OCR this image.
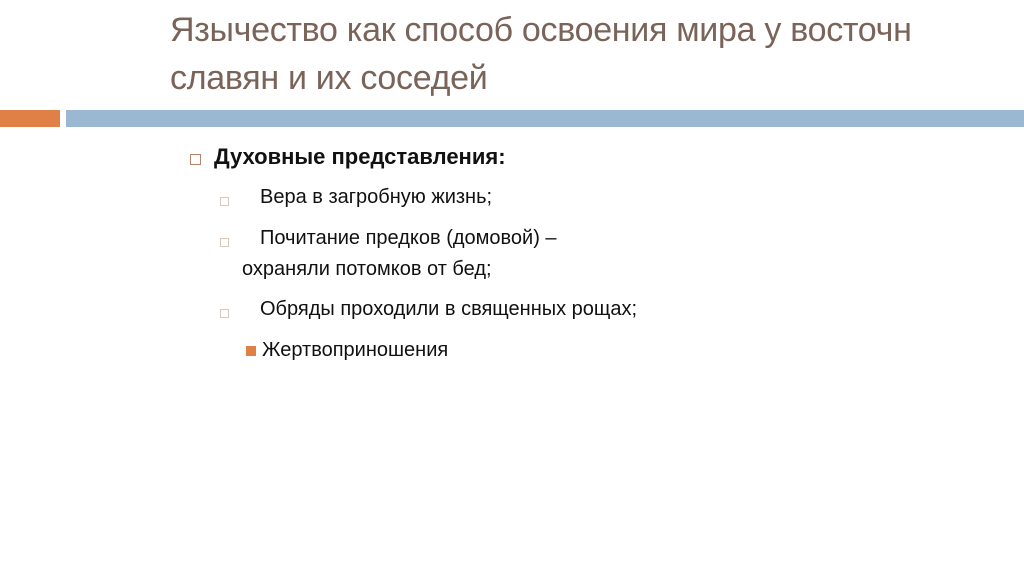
Язычество как способ освоения мира у восточн
славян и их соседей
Духовные представления:
Вера в загробную жизнь;
Почитание предков (домовой) –
охраняли потомков от бед;
Обряды проходили в священных рощах;
Жертвоприношения
